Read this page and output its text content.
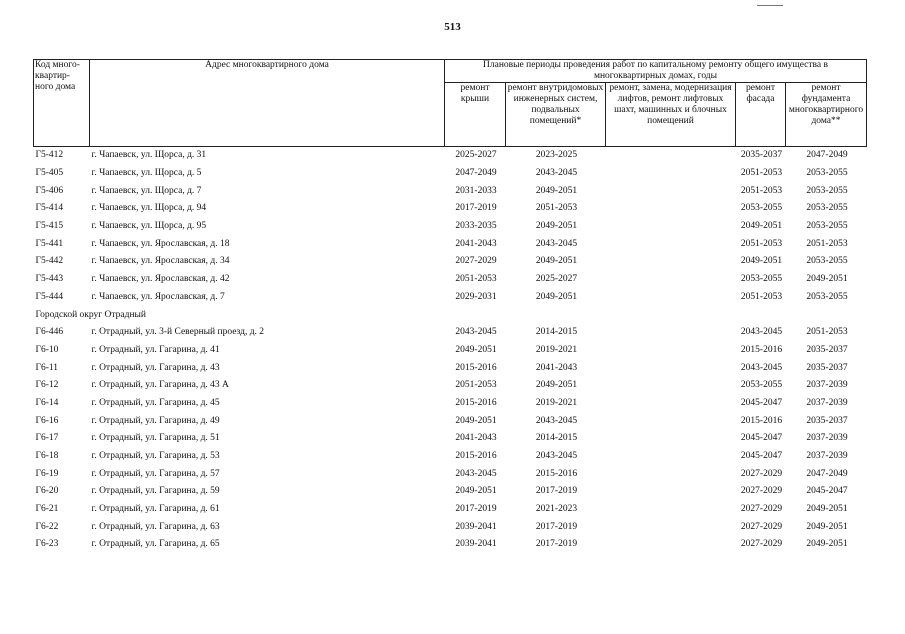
513
Код много-квартир-ного дома	Адрес многоквартирного дома	Плановые периоды проведения работ по капитальному ремонту общего имущества в многоквартирных домах, годы				
		ремонт крыши	ремонт внутридомовых инженерных систем, подвальных помещений*	ремонт, замена, модернизация лифтов, ремонт лифтовых шахт, машинных и блочных помещений	ремонт фасада	ремонт фундамента многоквартирного дома**
Г5-412	г. Чапаевск, ул. Щорса, д. 31	2025-2027	2023-2025		2035-2037	2047-2049
Г5-405	г. Чапаевск, ул. Щорса, д. 5	2047-2049	2043-2045		2051-2053	2053-2055
Г5-406	г. Чапаевск, ул. Щорса, д. 7	2031-2033	2049-2051		2051-2053	2053-2055
Г5-414	г. Чапаевск, ул. Щорса, д. 94	2017-2019	2051-2053		2053-2055	2053-2055
Г5-415	г. Чапаевск, ул. Щорса, д. 95	2033-2035	2049-2051		2049-2051	2053-2055
Г5-441	г. Чапаевск, ул. Ярославская, д. 18	2041-2043	2043-2045		2051-2053	2051-2053
Г5-442	г. Чапаевск, ул. Ярославская, д. 34	2027-2029	2049-2051		2049-2051	2053-2055
Г5-443	г. Чапаевск, ул. Ярославская, д. 42	2051-2053	2025-2027		2053-2055	2049-2051
Г5-444	г. Чапаевск, ул. Ярославская, д. 7	2029-2031	2049-2051		2051-2053	2053-2055
Городской округ Отрадный						
Г6-446	г. Отрадный, ул. 3-й Северный проезд, д. 2	2043-2045	2014-2015		2043-2045	2051-2053
Г6-10	г. Отрадный, ул. Гагарина, д. 41	2049-2051	2019-2021		2015-2016	2035-2037
Г6-11	г. Отрадный, ул. Гагарина, д. 43	2015-2016	2041-2043		2043-2045	2035-2037
Г6-12	г. Отрадный, ул. Гагарина, д. 43 А	2051-2053	2049-2051		2053-2055	2037-2039
Г6-14	г. Отрадный, ул. Гагарина, д. 45	2015-2016	2019-2021		2045-2047	2037-2039
Г6-16	г. Отрадный, ул. Гагарина, д. 49	2049-2051	2043-2045		2015-2016	2035-2037
Г6-17	г. Отрадный, ул. Гагарина, д. 51	2041-2043	2014-2015		2045-2047	2037-2039
Г6-18	г. Отрадный, ул. Гагарина, д. 53	2015-2016	2043-2045		2045-2047	2037-2039
Г6-19	г. Отрадный, ул. Гагарина, д. 57	2043-2045	2015-2016		2027-2029	2047-2049
Г6-20	г. Отрадный, ул. Гагарина, д. 59	2049-2051	2017-2019		2027-2029	2045-2047
Г6-21	г. Отрадный, ул. Гагарина, д. 61	2017-2019	2021-2023		2027-2029	2049-2051
Г6-22	г. Отрадный, ул. Гагарина, д. 63	2039-2041	2017-2019		2027-2029	2049-2051
Г6-23	г. Отрадный, ул. Гагарина, д. 65	2039-2041	2017-2019		2027-2029	2049-2051
